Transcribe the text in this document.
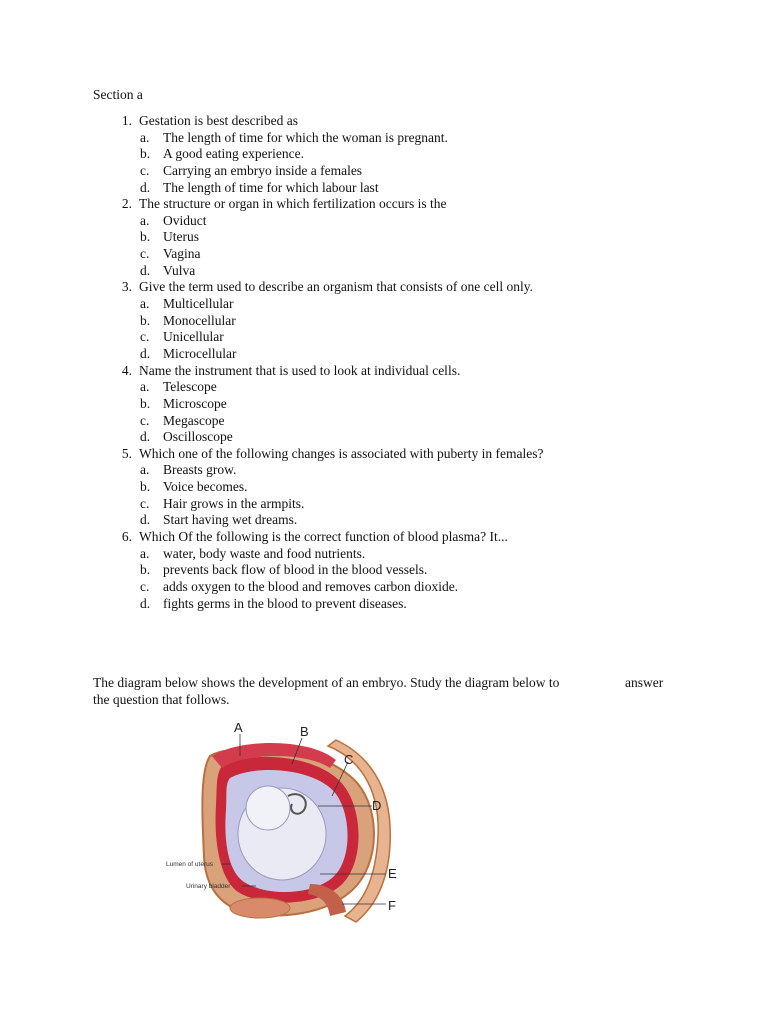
Section a
1. Gestation is best described as
a. The length of time for which the woman is pregnant.
b. A good eating experience.
c. Carrying an embryo inside a females
d. The length of time for which labour last
2. The structure or organ in which fertilization occurs is the
a. Oviduct
b. Uterus
c. Vagina
d. Vulva
3. Give the term used to describe an organism that consists of one cell only.
a. Multicellular
b. Monocellular
c. Unicellular
d. Microcellular
4. Name the instrument that is used to look at individual cells.
a. Telescope
b. Microscope
c. Megascope
d. Oscilloscope
5. Which one of the following changes is associated with puberty in females?
a. Breasts grow.
b. Voice becomes.
c. Hair grows in the armpits.
d. Start having wet dreams.
6. Which Of the following is the correct function of blood plasma? It...
a. water, body waste and food nutrients.
b. prevents back flow of blood in the blood vessels.
c. adds oxygen to the blood and removes carbon dioxide.
d. fights germs in the blood to prevent diseases.
The diagram below shows the development of an embryo. Study the diagram below to	answer
the question that follows.
A	B
C
D
E
F
Lumen of uterus
Urinary bladder
